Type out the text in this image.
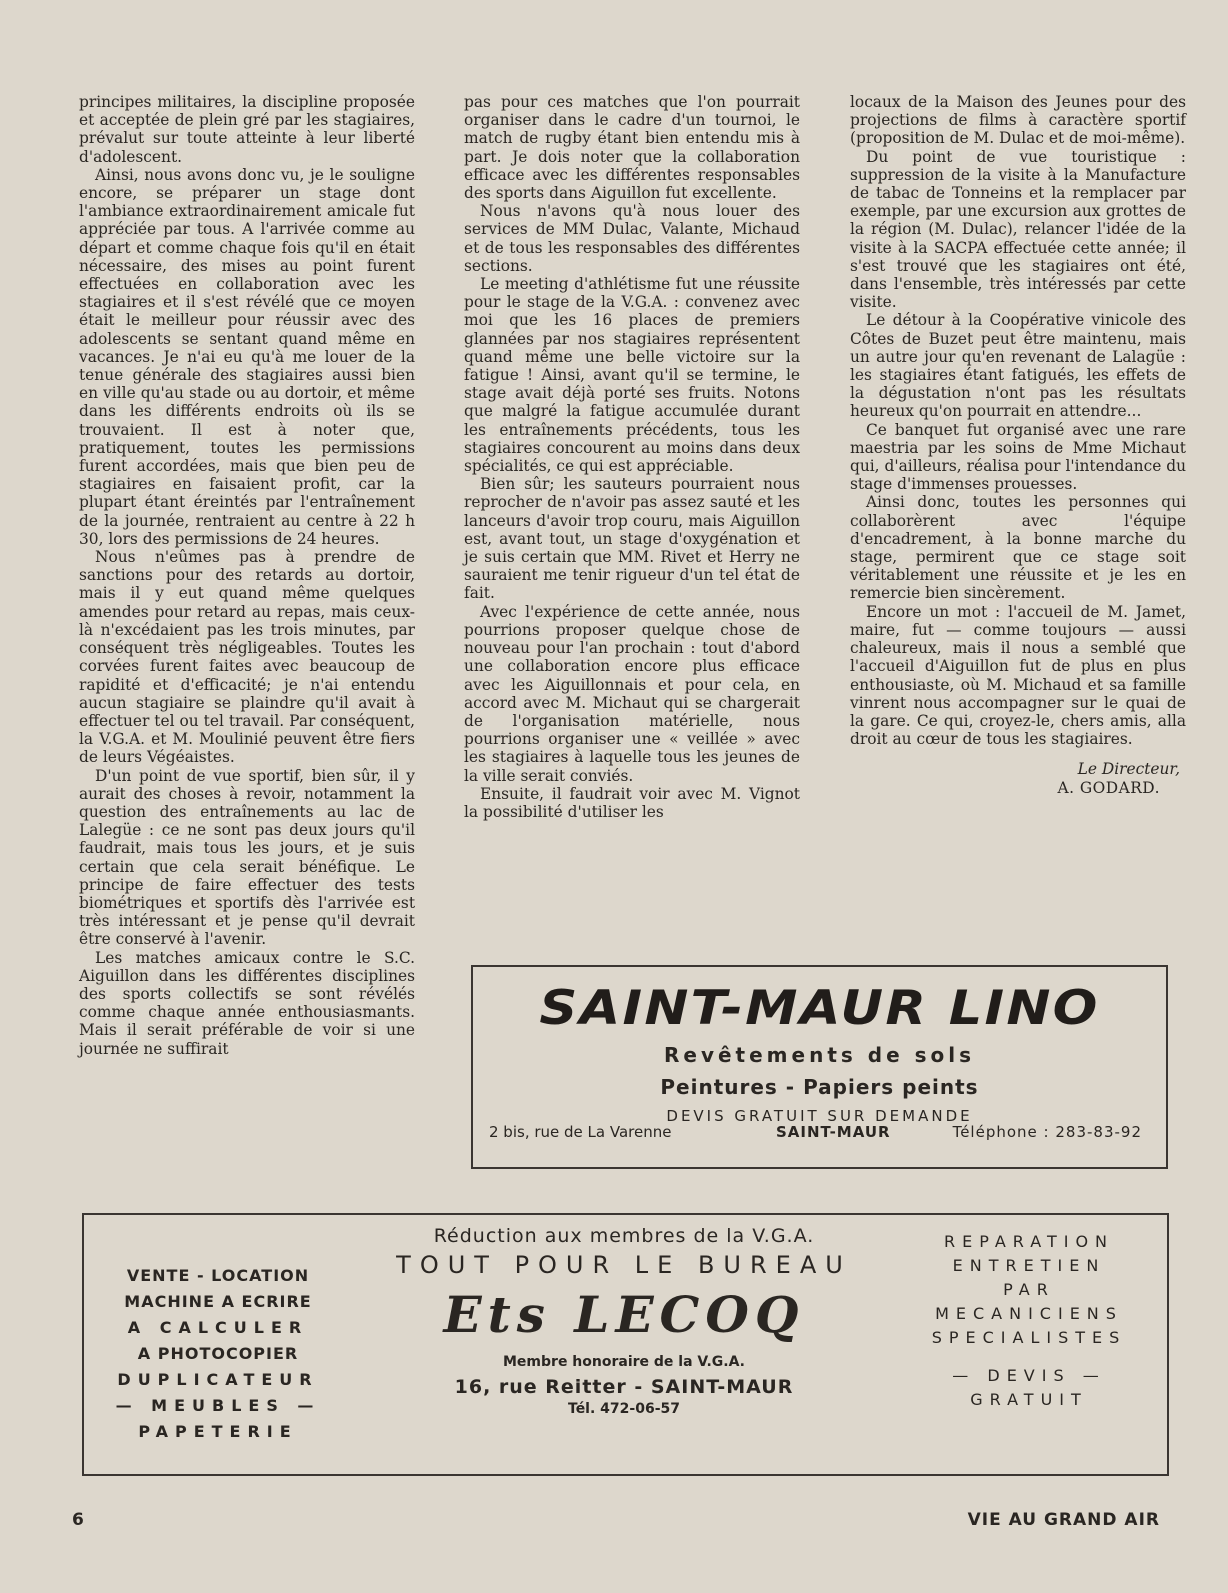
principes militaires, la discipline proposée et acceptée de plein gré par les stagiaires, prévalut sur toute atteinte à leur liberté d'adolescent.

Ainsi, nous avons donc vu, je le souligne encore, se préparer un stage dont l'ambiance extraordinairement amicale fut appréciée par tous. A l'arrivée comme au départ et comme chaque fois qu'il en était nécessaire, des mises au point furent effectuées en collaboration avec les stagiaires et il s'est révélé que ce moyen était le meilleur pour réussir avec des adolescents se sentant quand même en vacances. Je n'ai eu qu'à me louer de la tenue générale des stagiaires aussi bien en ville qu'au stade ou au dortoir, et même dans les différents endroits où ils se trouvaient. Il est à noter que, pratiquement, toutes les permissions furent accordées, mais que bien peu de stagiaires en faisaient profit, car la plupart étant éreintés par l'entraînement de la journée, rentraient au centre à 22 h 30, lors des permissions de 24 heures.

Nous n'eûmes pas à prendre de sanctions pour des retards au dortoir, mais il y eut quand même quelques amendes pour retard au repas, mais ceux-là n'excédaient pas les trois minutes, par conséquent très négligeables. Toutes les corvées furent faites avec beaucoup de rapidité et d'efficacité; je n'ai entendu aucun stagiaire se plaindre qu'il avait à effectuer tel ou tel travail. Par conséquent, la V.G.A. et M. Moulinié peuvent être fiers de leurs Végéaistes.

D'un point de vue sportif, bien sûr, il y aurait des choses à revoir, notamment la question des entraînements au lac de Lalegüe : ce ne sont pas deux jours qu'il faudrait, mais tous les jours, et je suis certain que cela serait bénéfique. Le principe de faire effectuer des tests biométriques et sportifs dès l'arrivée est très intéressant et je pense qu'il devrait être conservé à l'avenir.

Les matches amicaux contre le S.C. Aiguillon dans les différentes disciplines des sports collectifs se sont révélés comme chaque année enthousiasmants. Mais il serait préférable de voir si une journée ne suffirait

pas pour ces matches que l'on pourrait organiser dans le cadre d'un tournoi, le match de rugby étant bien entendu mis à part. Je dois noter que la collaboration efficace avec les différentes responsables des sports dans Aiguillon fut excellente.

Nous n'avons qu'à nous louer des services de MM Dulac, Valante, Michaud et de tous les responsables des différentes sections.

Le meeting d'athlétisme fut une réussite pour le stage de la V.G.A. : convenez avec moi que les 16 places de premiers glannées par nos stagiaires représentent quand même une belle victoire sur la fatigue ! Ainsi, avant qu'il se termine, le stage avait déjà porté ses fruits. Notons que malgré la fatigue accumulée durant les entraînements précédents, tous les stagiaires concourent au moins dans deux spécialités, ce qui est appréciable.

Bien sûr; les sauteurs pourraient nous reprocher de n'avoir pas assez sauté et les lanceurs d'avoir trop couru, mais Aiguillon est, avant tout, un stage d'oxygénation et je suis certain que MM. Rivet et Herry ne sauraient me tenir rigueur d'un tel état de fait.

Avec l'expérience de cette année, nous pourrions proposer quelque chose de nouveau pour l'an prochain : tout d'abord une collaboration encore plus efficace avec les Aiguillonnais et pour cela, en accord avec M. Michaut qui se chargerait de l'organisation matérielle, nous pourrions organiser une « veillée » avec les stagiaires à laquelle tous les jeunes de la ville serait conviés.

Ensuite, il faudrait voir avec M. Vignot la possibilité d'utiliser les

locaux de la Maison des Jeunes pour des projections de films à caractère sportif (proposition de M. Dulac et de moi-même).

Du point de vue touristique : suppression de la visite à la Manufacture de tabac de Tonneins et la remplacer par exemple, par une excursion aux grottes de la région (M. Dulac), relancer l'idée de la visite à la SACPA effectuée cette année; il s'est trouvé que les stagiaires ont été, dans l'ensemble, très intéressés par cette visite.

Le détour à la Coopérative vinicole des Côtes de Buzet peut être maintenu, mais un autre jour qu'en revenant de Lalagüe : les stagiaires étant fatigués, les effets de la dégustation n'ont pas les résultats heureux qu'on pourrait en attendre...

Ce banquet fut organisé avec une rare maestria par les soins de Mme Michaut qui, d'ailleurs, réalisa pour l'intendance du stage d'immenses prouesses.

Ainsi donc, toutes les personnes qui collaborèrent avec l'équipe d'encadrement, à la bonne marche du stage, permirent que ce stage soit véritablement une réussite et je les en remercie bien sincèrement.

Encore un mot : l'accueil de M. Jamet, maire, fut — comme toujours — aussi chaleureux, mais il nous a semblé que l'accueil d'Aiguillon fut de plus en plus enthousiaste, où M. Michaud et sa famille vinrent nous accompagner sur le quai de la gare. Ce qui, croyez-le, chers amis, alla droit au cœur de tous les stagiaires.

Le Directeur,

A. GODARD.

SAINT-MAUR LINO
Revêtements de sols
Peintures - Papiers peints
DEVIS GRATUIT SUR DEMANDE
2 bis, rue de La Varenne	SAINT-MAUR	Téléphone : 283-83-92
VENTE - LOCATION
MACHINE A ECRIRE
A CALCULER
A PHOTOCOPIER
DUPLICATEUR
— MEUBLES —
PAPETERIE
Réduction aux membres de la V.G.A.
TOUT POUR LE BUREAU
Ets LECOQ
Membre honoraire de la V.G.A.
16, rue Reitter - SAINT-MAUR
Tél. 472-06-57
REPARATION
ENTRETIEN
PAR
MECANICIENS
SPECIALISTES
— DEVIS —
GRATUIT
6	VIE AU GRAND AIR
